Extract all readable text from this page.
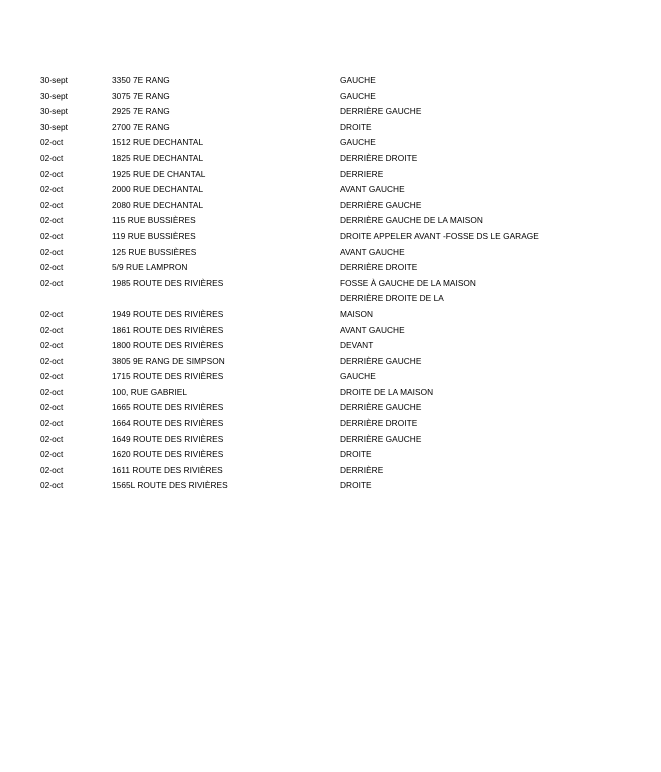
30-sept	3350 7E RANG	GAUCHE
30-sept	3075 7E RANG	GAUCHE
30-sept	2925 7E RANG	DERRIÈRE GAUCHE
30-sept	2700 7E RANG	DROITE
02-oct	1512 RUE DECHANTAL	GAUCHE
02-oct	1825 RUE DECHANTAL	DERRIÈRE DROITE
02-oct	1925 RUE DE CHANTAL	DERRIERE
02-oct	2000 RUE DECHANTAL	AVANT GAUCHE
02-oct	2080 RUE DECHANTAL	DERRIÈRE GAUCHE
02-oct	115 RUE BUSSIÈRES	DERRIÈRE GAUCHE DE LA MAISON
02-oct	119 RUE BUSSIÈRES	DROITE APPELER AVANT -FOSSE DS LE GARAGE
02-oct	125 RUE BUSSIÈRES	AVANT GAUCHE
02-oct	5/9 RUE LAMPRON	DERRIÈRE DROITE
02-oct	1985 ROUTE DES RIVIÈRES	FOSSE À GAUCHE DE LA MAISON
		DERRIÈRE DROITE DE LA
02-oct	1949 ROUTE DES RIVIÈRES	MAISON
02-oct	1861 ROUTE DES RIVIÈRES	AVANT GAUCHE
02-oct	1800 ROUTE DES RIVIÈRES	DEVANT
02-oct	3805 9E RANG DE SIMPSON	DERRIÈRE GAUCHE
02-oct	1715 ROUTE DES RIVIÈRES	GAUCHE
02-oct	100, RUE GABRIEL	DROITE DE LA MAISON
02-oct	1665 ROUTE DES RIVIÈRES	DERRIÈRE GAUCHE
02-oct	1664 ROUTE DES RIVIÈRES	DERRIÈRE DROITE
02-oct	1649 ROUTE DES RIVIÈRES	DERRIÈRE GAUCHE
02-oct	1620 ROUTE DES RIVIÈRES	DROITE
02-oct	1611 ROUTE DES RIVIÈRES	DERRIÈRE
02-oct	1565L ROUTE DES RIVIÈRES	DROITE
